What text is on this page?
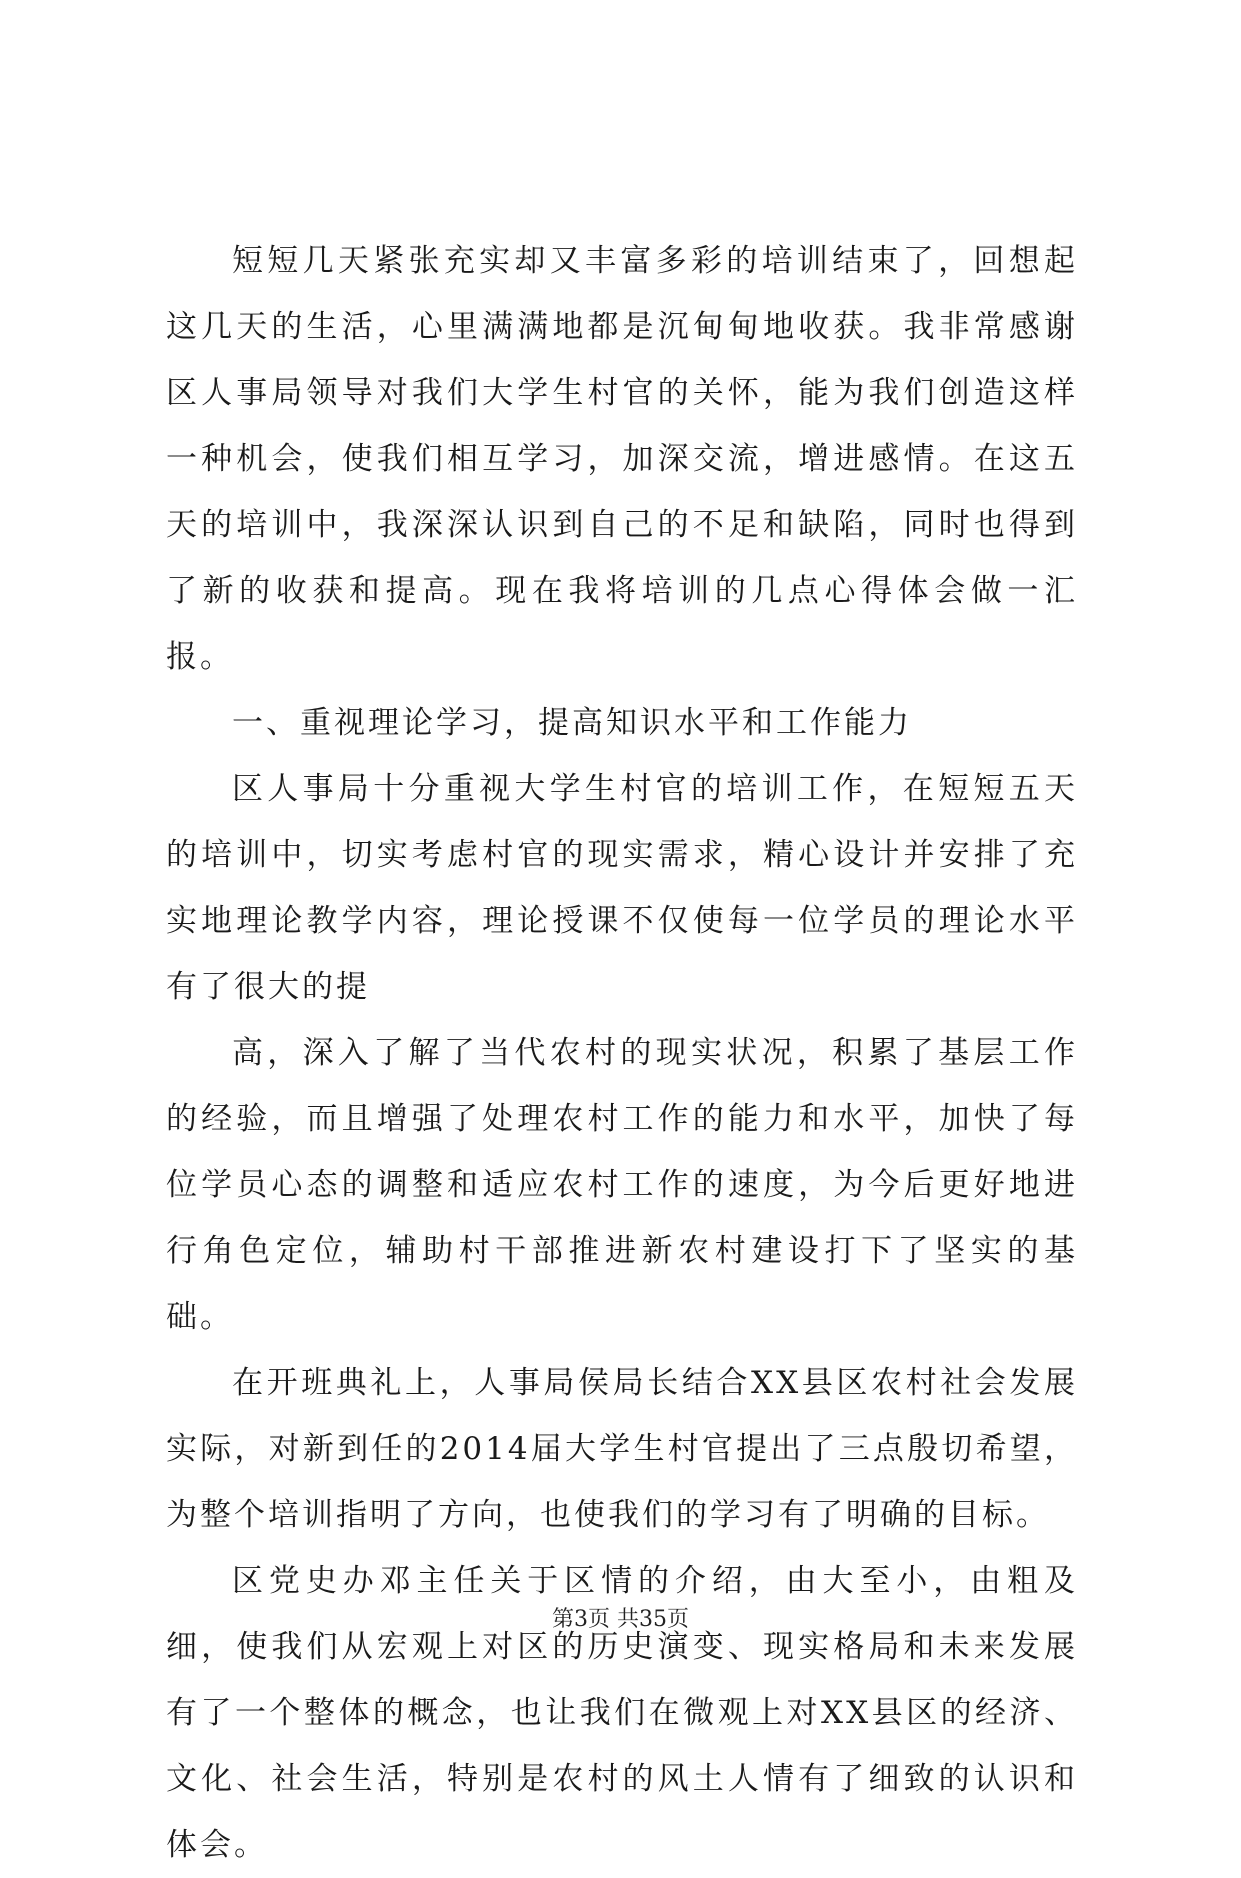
短短几天紧张充实却又丰富多彩的培训结束了，回想起这几天的生活，心里满满地都是沉甸甸地收获。我非常感谢区人事局领导对我们大学生村官的关怀，能为我们创造这样一种机会，使我们相互学习，加深交流，增进感情。在这五天的培训中，我深深认识到自己的不足和缺陷，同时也得到了新的收获和提高。现在我将培训的几点心得体会做一汇报。

一、重视理论学习，提高知识水平和工作能力

区人事局十分重视大学生村官的培训工作，在短短五天的培训中，切实考虑村官的现实需求，精心设计并安排了充实地理论教学内容，理论授课不仅使每一位学员的理论水平有了很大的提

高，深入了解了当代农村的现实状况，积累了基层工作的经验，而且增强了处理农村工作的能力和水平，加快了每位学员心态的调整和适应农村工作的速度，为今后更好地进行角色定位，辅助村干部推进新农村建设打下了坚实的基础。

在开班典礼上，人事局侯局长结合XX县区农村社会发展实际，对新到任的2014届大学生村官提出了三点殷切希望，为整个培训指明了方向，也使我们的学习有了明确的目标。

区党史办邓主任关于区情的介绍，由大至小，由粗及细，使我们从宏观上对区的历史演变、现实格局和未来发展有了一个整体的概念，也让我们在微观上对XX县区的经济、文化、社会生活，特别是农村的风土人情有了细致的认识和体会。

第3页 共35页
